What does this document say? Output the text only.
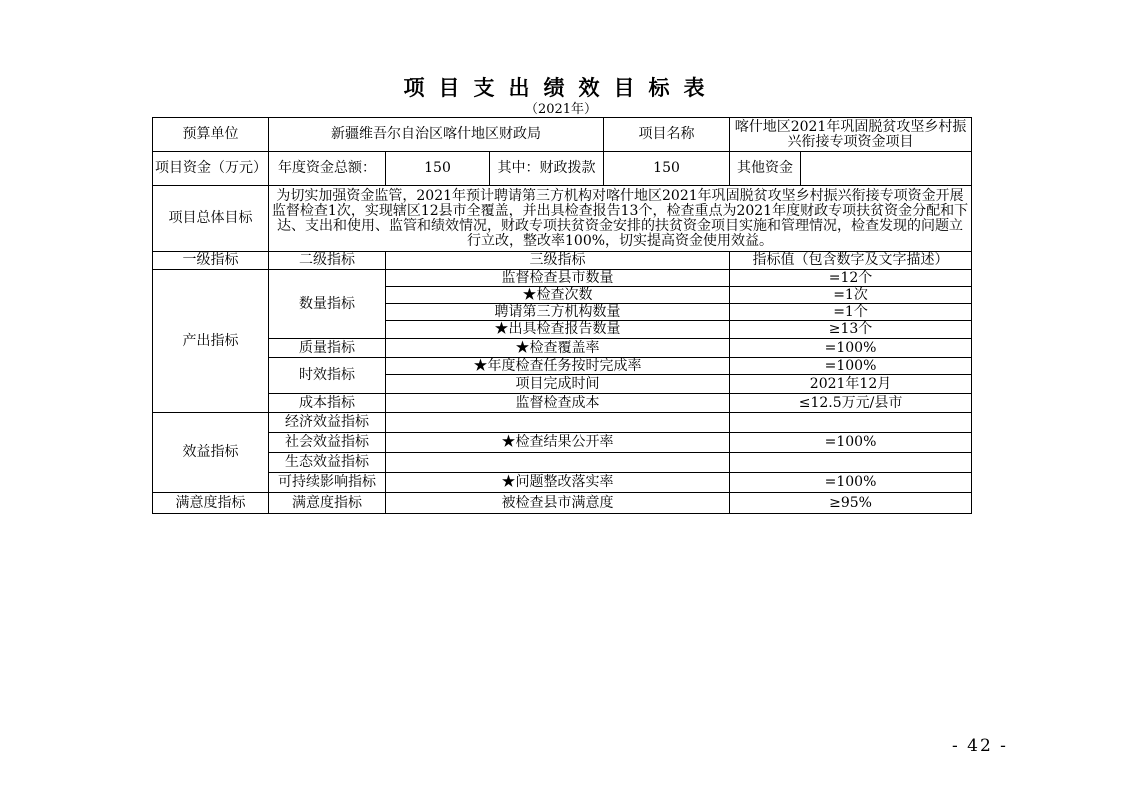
项目支出绩效目标表
（2021年）
预算单位	新疆维吾尔自治区喀什地区财政局			项目名称	喀什地区2021年巩固脱贫攻坚乡村振兴衔接专项资金项目
项目资金（万元）	年度资金总额：	150	其中：财政拨款	150	其他资金

项目总体目标	为切实加强资金监管，2021年预计聘请第三方机构对喀什地区2021年巩固脱贫攻坚乡村振兴衔接专项资金开展监督检查1次，实现辖区12县市全覆盖，并出具检查报告13个，检查重点为2021年度财政专项扶贫资金分配和下达、支出和使用、监管和绩效情况，财政专项扶贫资金安排的扶贫资金项目实施和管理情况，检查发现的问题立行立改，整改率100%，切实提高资金使用效益。				
一级指标	二级指标	三级指标			指标值（包含数字及文字描述）
产出指标	数量指标	监督检查县市数量			=12个
		★检查次数			=1次
		聘请第三方机构数量			=1个
		★出具检查报告数量			≥13个
	质量指标	★检查覆盖率			=100%
	时效指标	★年度检查任务按时完成率			=100%
		项目完成时间			2021年12月
	成本指标	监督检查成本			≤12.5万元/县市
效益指标	经济效益指标				
	社会效益指标	★检查结果公开率			=100%
	生态效益指标				
	可持续影响指标	★问题整改落实率			=100%
满意度指标	满意度指标	被检查县市满意度			≥95%
- 42 -
